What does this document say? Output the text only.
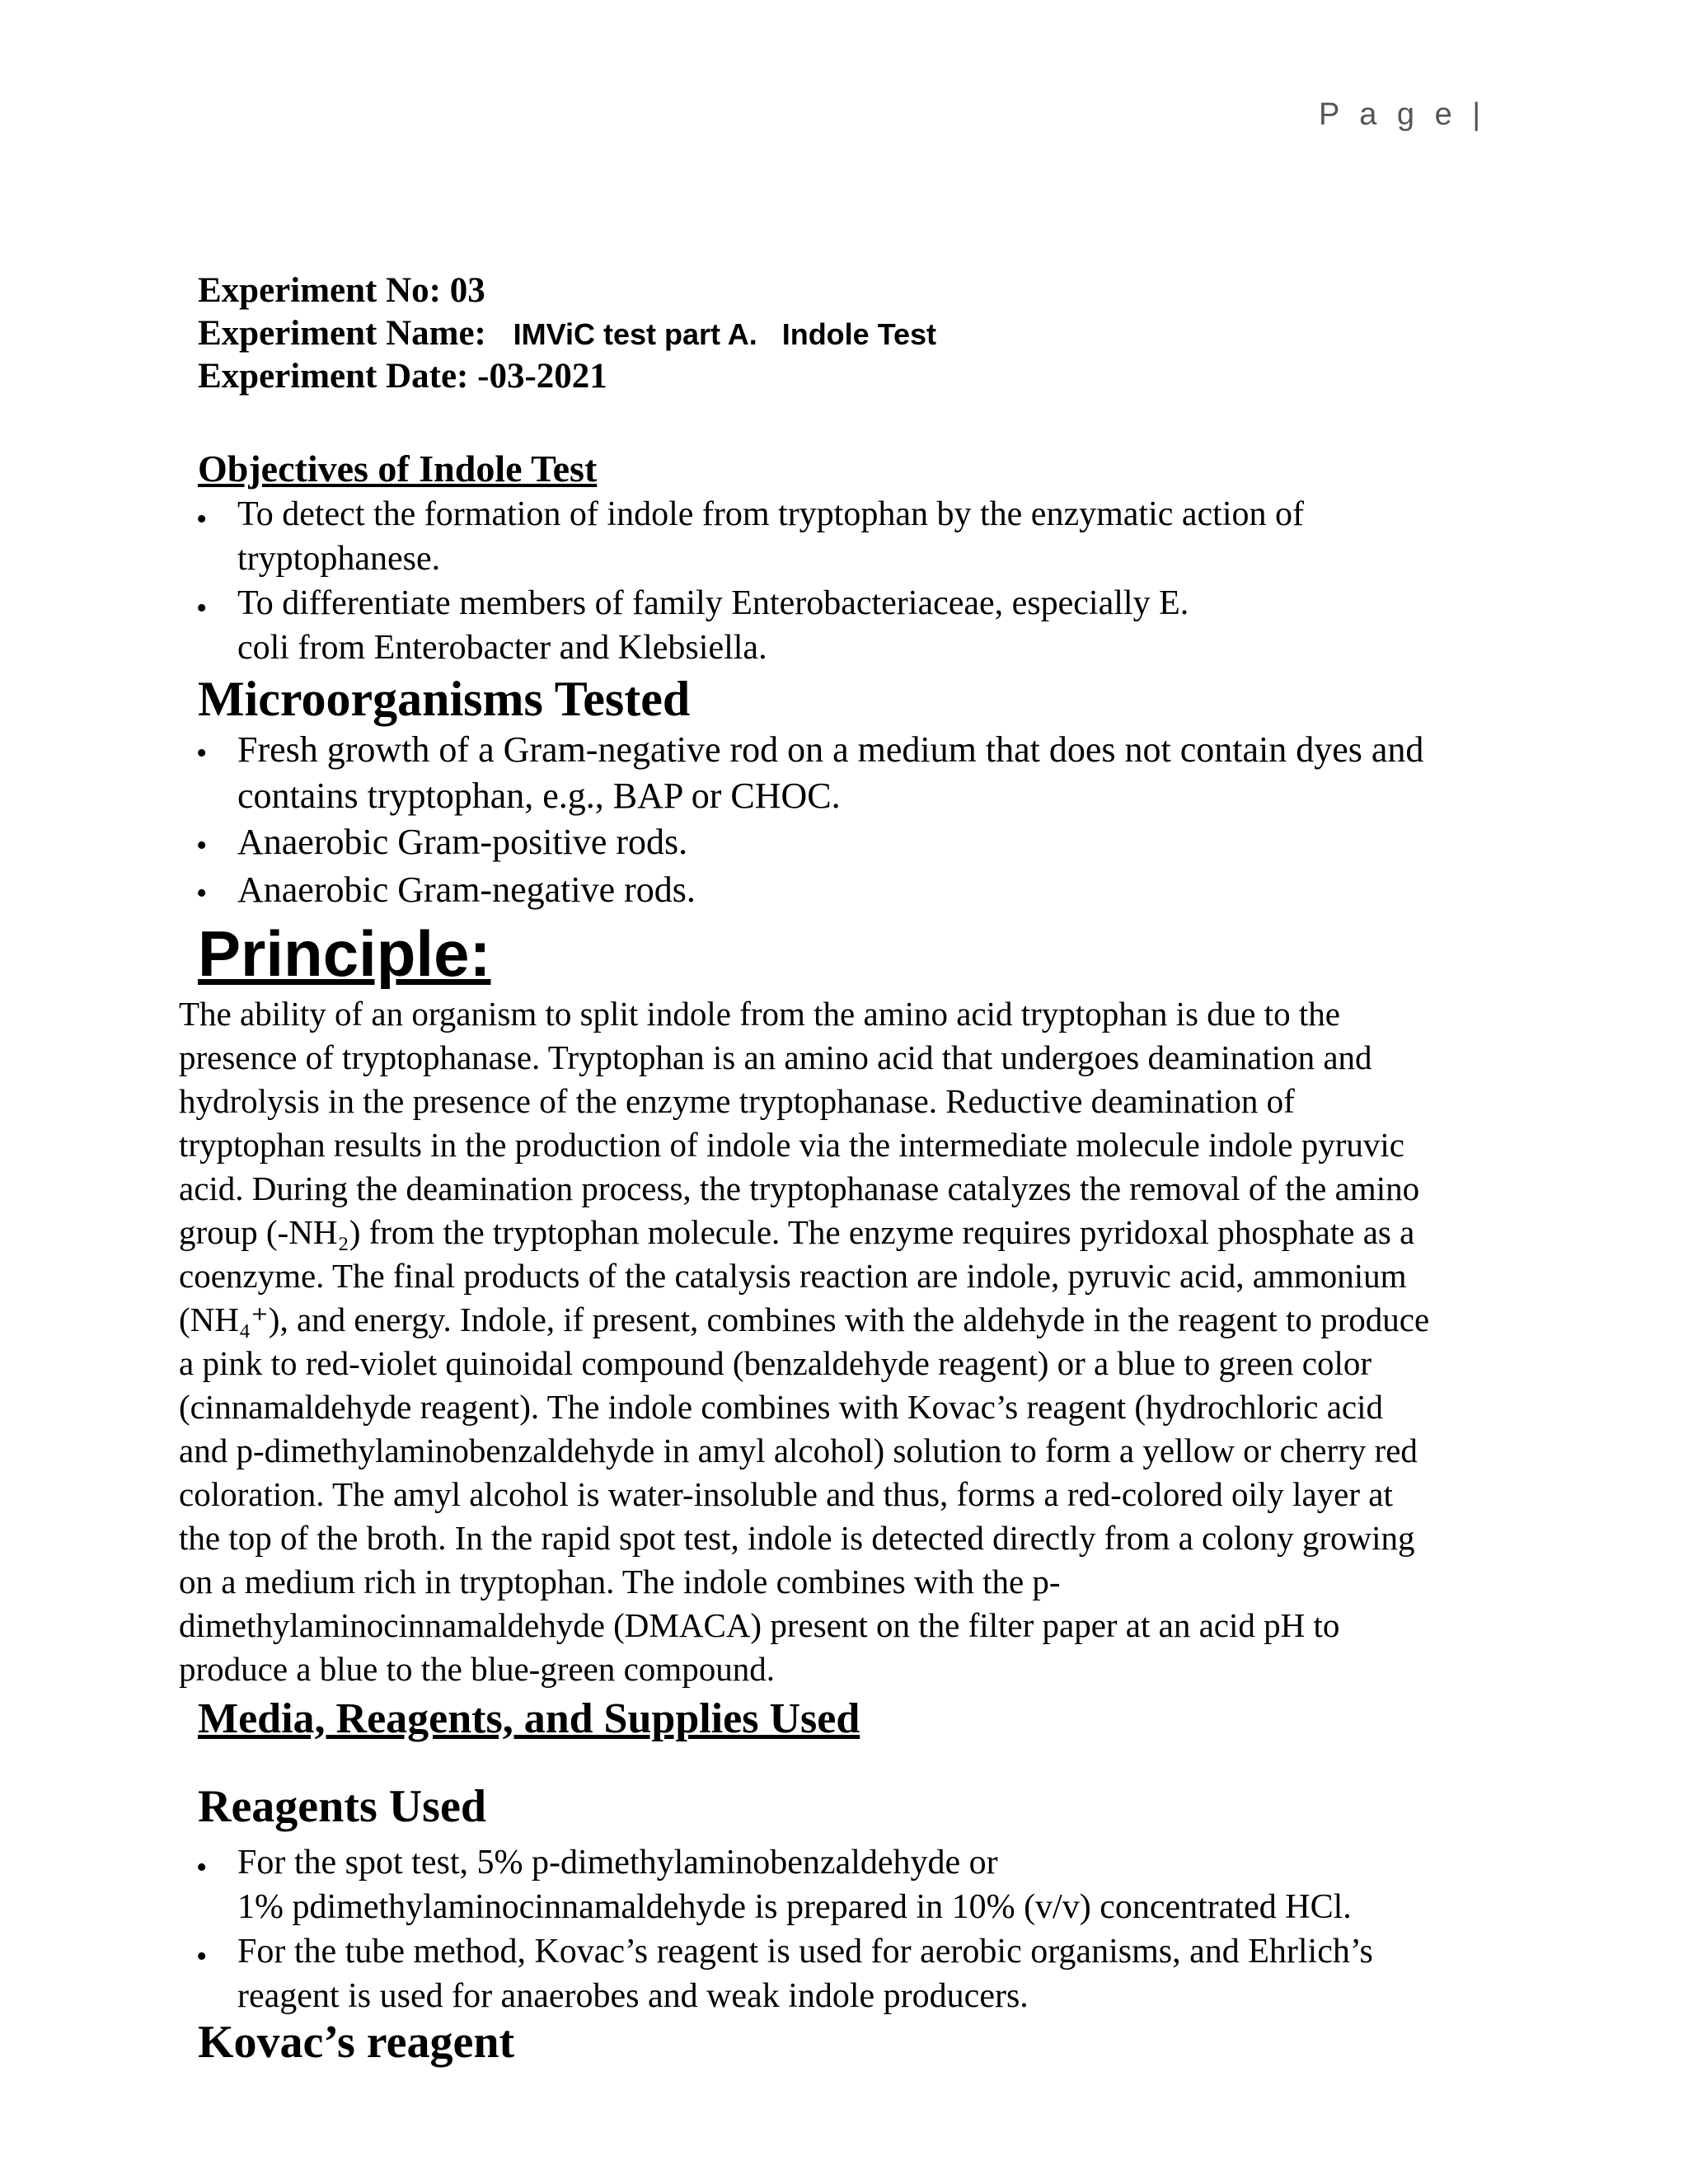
P a g e |
Experiment No: 03
Experiment Name: IMViC test part A.   Indole Test
Experiment Date: -03-2021
Objectives of Indole Test
• To detect the formation of indole from tryptophan by the enzymatic action of
tryptophanese.
• To differentiate members of family Enterobacteriaceae, especially E.
coli from Enterobacter and Klebsiella.
Microorganisms Tested
• Fresh growth of a Gram-negative rod on a medium that does not contain dyes and
contains tryptophan, e.g., BAP or CHOC.
• Anaerobic Gram-positive rods.
• Anaerobic Gram-negative rods.
Principle:
The ability of an organism to split indole from the amino acid tryptophan is due to the
presence of tryptophanase. Tryptophan is an amino acid that undergoes deamination and
hydrolysis in the presence of the enzyme tryptophanase. Reductive deamination of
tryptophan results in the production of indole via the intermediate molecule indole pyruvic
acid. During the deamination process, the tryptophanase catalyzes the removal of the amino
group (-NH₂) from the tryptophan molecule. The enzyme requires pyridoxal phosphate as a
coenzyme. The final products of the catalysis reaction are indole, pyruvic acid, ammonium
(NH₄⁺), and energy. Indole, if present, combines with the aldehyde in the reagent to produce
a pink to red-violet quinoidal compound (benzaldehyde reagent) or a blue to green color
(cinnamaldehyde reagent). The indole combines with Kovac’s reagent (hydrochloric acid
and p-dimethylaminobenzaldehyde in amyl alcohol) solution to form a yellow or cherry red
coloration. The amyl alcohol is water-insoluble and thus, forms a red-colored oily layer at
the top of the broth. In the rapid spot test, indole is detected directly from a colony growing
on a medium rich in tryptophan. The indole combines with the p-
dimethylaminocinnamaldehyde (DMACA) present on the filter paper at an acid pH to
produce a blue to the blue-green compound.
Media, Reagents, and Supplies Used
Reagents Used
• For the spot test, 5% p-dimethylaminobenzaldehyde or
1% pdimethylaminocinnamaldehyde is prepared in 10% (v/v) concentrated HCl.
• For the tube method, Kovac’s reagent is used for aerobic organisms, and Ehrlich’s
reagent is used for anaerobes and weak indole producers.
Kovac’s reagent
